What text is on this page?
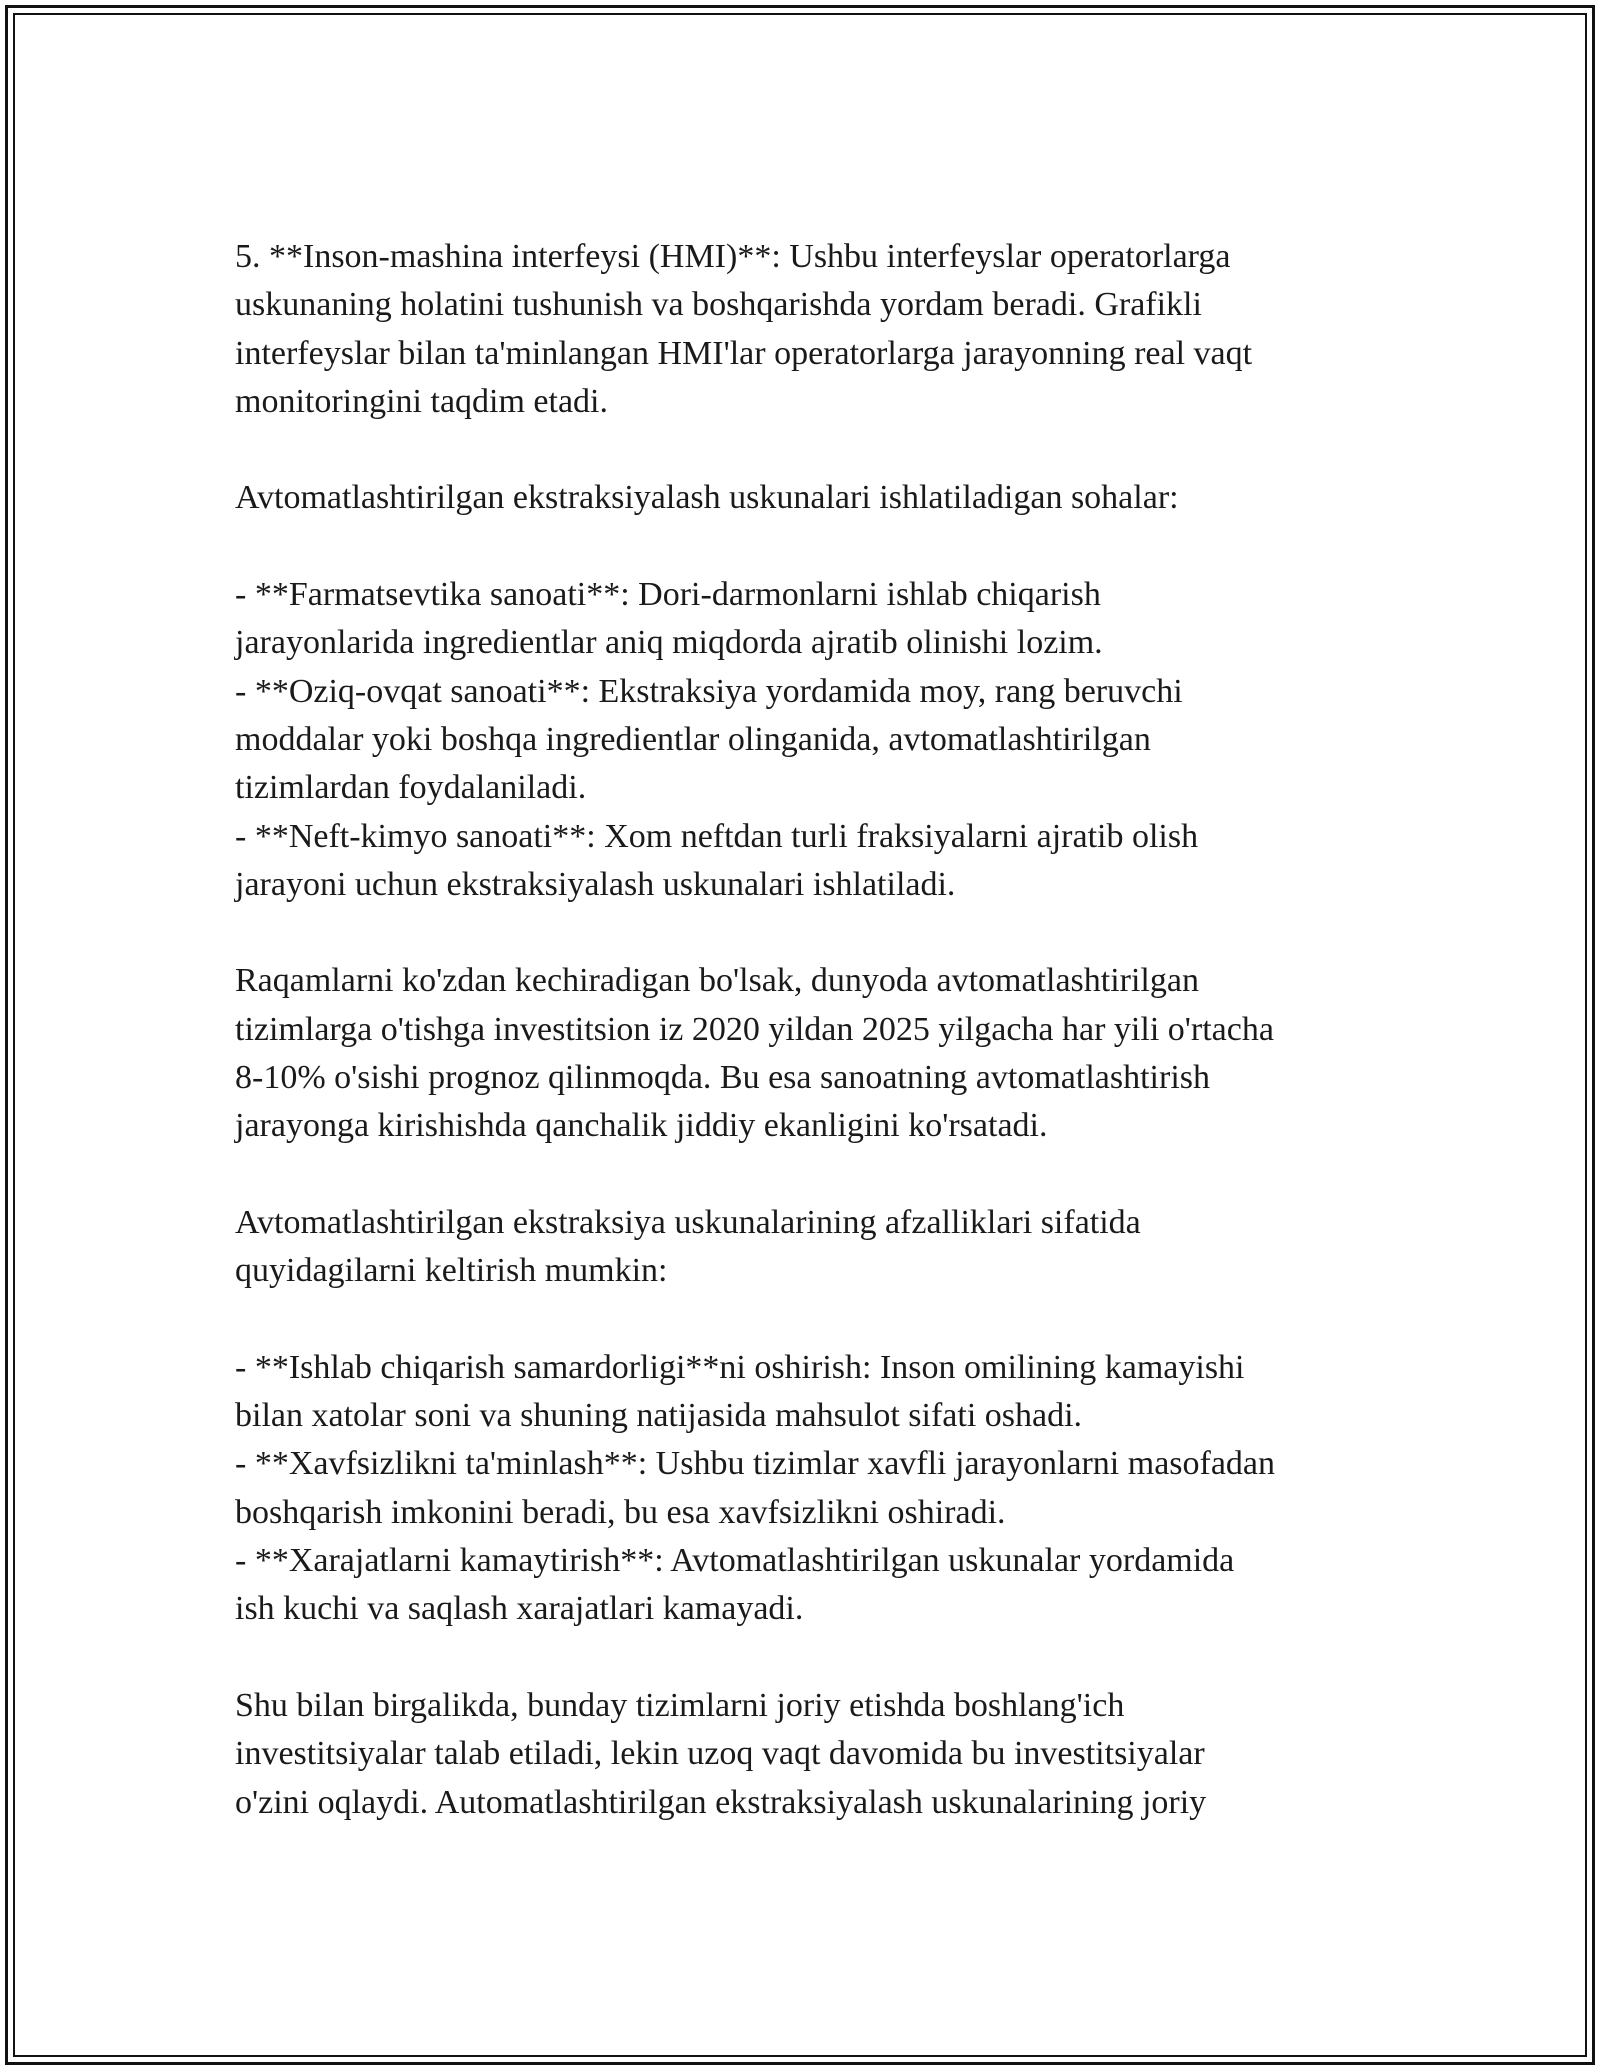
5. **Inson-mashina interfeysi (HMI)**: Ushbu interfeyslar operatorlarga
uskunaning holatini tushunish va boshqarishda yordam beradi. Grafikli
interfeyslar bilan ta'minlangan HMI'lar operatorlarga jarayonning real vaqt
monitoringini taqdim etadi.
Avtomatlashtirilgan ekstraksiyalash uskunalari ishlatiladigan sohalar:
- **Farmatsevtika sanoati**: Dori-darmonlarni ishlab chiqarish
jarayonlarida ingredientlar aniq miqdorda ajratib olinishi lozim.
- **Oziq-ovqat sanoati**: Ekstraksiya yordamida moy, rang beruvchi
moddalar yoki boshqa ingredientlar olinganida, avtomatlashtirilgan
tizimlardan foydalaniladi.
- **Neft-kimyo sanoati**: Xom neftdan turli fraksiyalarni ajratib olish
jarayoni uchun ekstraksiyalash uskunalari ishlatiladi.
Raqamlarni ko'zdan kechiradigan bo'lsak, dunyoda avtomatlashtirilgan
tizimlarga o'tishga investitsion iz 2020 yildan 2025 yilgacha har yili o'rtacha
8-10% o'sishi prognoz qilinmoqda. Bu esa sanoatning avtomatlashtirish
jarayonga kirishishda qanchalik jiddiy ekanligini ko'rsatadi.
Avtomatlashtirilgan ekstraksiya uskunalarining afzalliklari sifatida
quyidagilarni keltirish mumkin:
- **Ishlab chiqarish samardorligi**ni oshirish: Inson omilining kamayishi
bilan xatolar soni va shuning natijasida mahsulot sifati oshadi.
- **Xavfsizlikni ta'minlash**: Ushbu tizimlar xavfli jarayonlarni masofadan
boshqarish imkonini beradi, bu esa xavfsizlikni oshiradi.
- **Xarajatlarni kamaytirish**: Avtomatlashtirilgan uskunalar yordamida
ish kuchi va saqlash xarajatlari kamayadi.
Shu bilan birgalikda, bunday tizimlarni joriy etishda boshlang'ich
investitsiyalar talab etiladi, lekin uzoq vaqt davomida bu investitsiyalar
o'zini oqlaydi. Automatlashtirilgan ekstraksiyalash uskunalarining joriy
